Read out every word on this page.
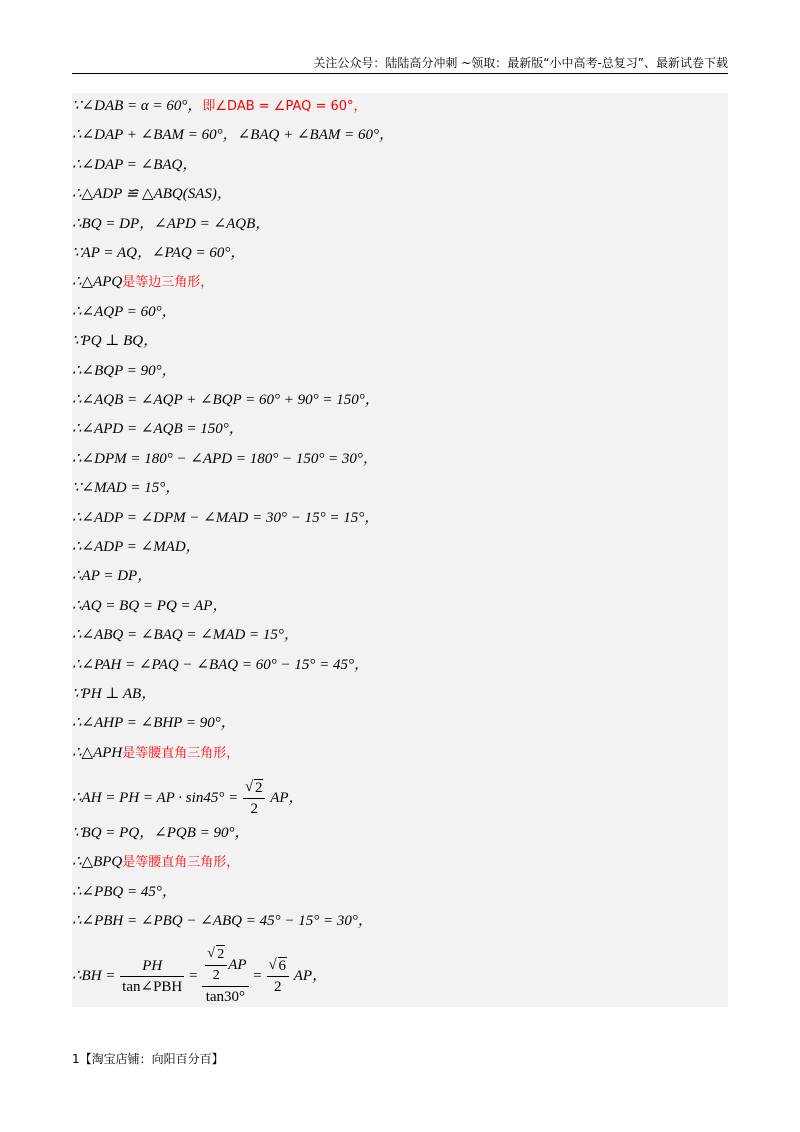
关注公众号：陆陆高分冲刺 ~领取：最新版“小中高考-总复习”、最新试卷下载
∵∠DAB = α = 60°，即∠DAB = ∠PAQ = 60°，
∴∠DAP + ∠BAM = 60°，∠BAQ + ∠BAM = 60°，
∴∠DAP = ∠BAQ，
∴△ADP ≌ △ABQ(SAS)，
∴BQ = DP，∠APD = ∠AQB，
∵AP = AQ，∠PAQ = 60°，
∴△APQ是等边三角形，
∴∠AQP = 60°，
∵PQ ⊥ BQ，
∴∠BQP = 90°，
∴∠AQB = ∠AQP + ∠BQP = 60° + 90° = 150°，
∴∠APD = ∠AQB = 150°，
∴∠DPM = 180° − ∠APD = 180° − 150° = 30°，
∵∠MAD = 15°，
∴∠ADP = ∠DPM − ∠MAD = 30° − 15° = 15°，
∴∠ADP = ∠MAD，
∴AP = DP，
∴AQ = BQ = PQ = AP，
∴∠ABQ = ∠BAQ = ∠MAD = 15°，
∴∠PAH = ∠PAQ − ∠BAQ = 60° − 15° = 45°，
∵PH ⊥ AB，
∴∠AHP = ∠BHP = 90°，
∴△APH是等腰直角三角形，
∴AH = PH = AP · sin45° = √ $\frac{2}{2}$ AP，
∵BQ = PQ，∠PQB = 90°，
∴△BPQ是等腰直角三角形，
∴∠PBQ = 45°，
∴∠PBH = ∠PBQ − ∠ABQ = 45° − 15° = 30°，
∴BH = $\frac{PH}{\text{tan∠PBH}}$ = √ $\frac{\frac{2}{2} AP}{\tan 30^\circ}$ = √ $\frac{6}{2}$ AP，
1【淘宝店铺：向阳百分百】
